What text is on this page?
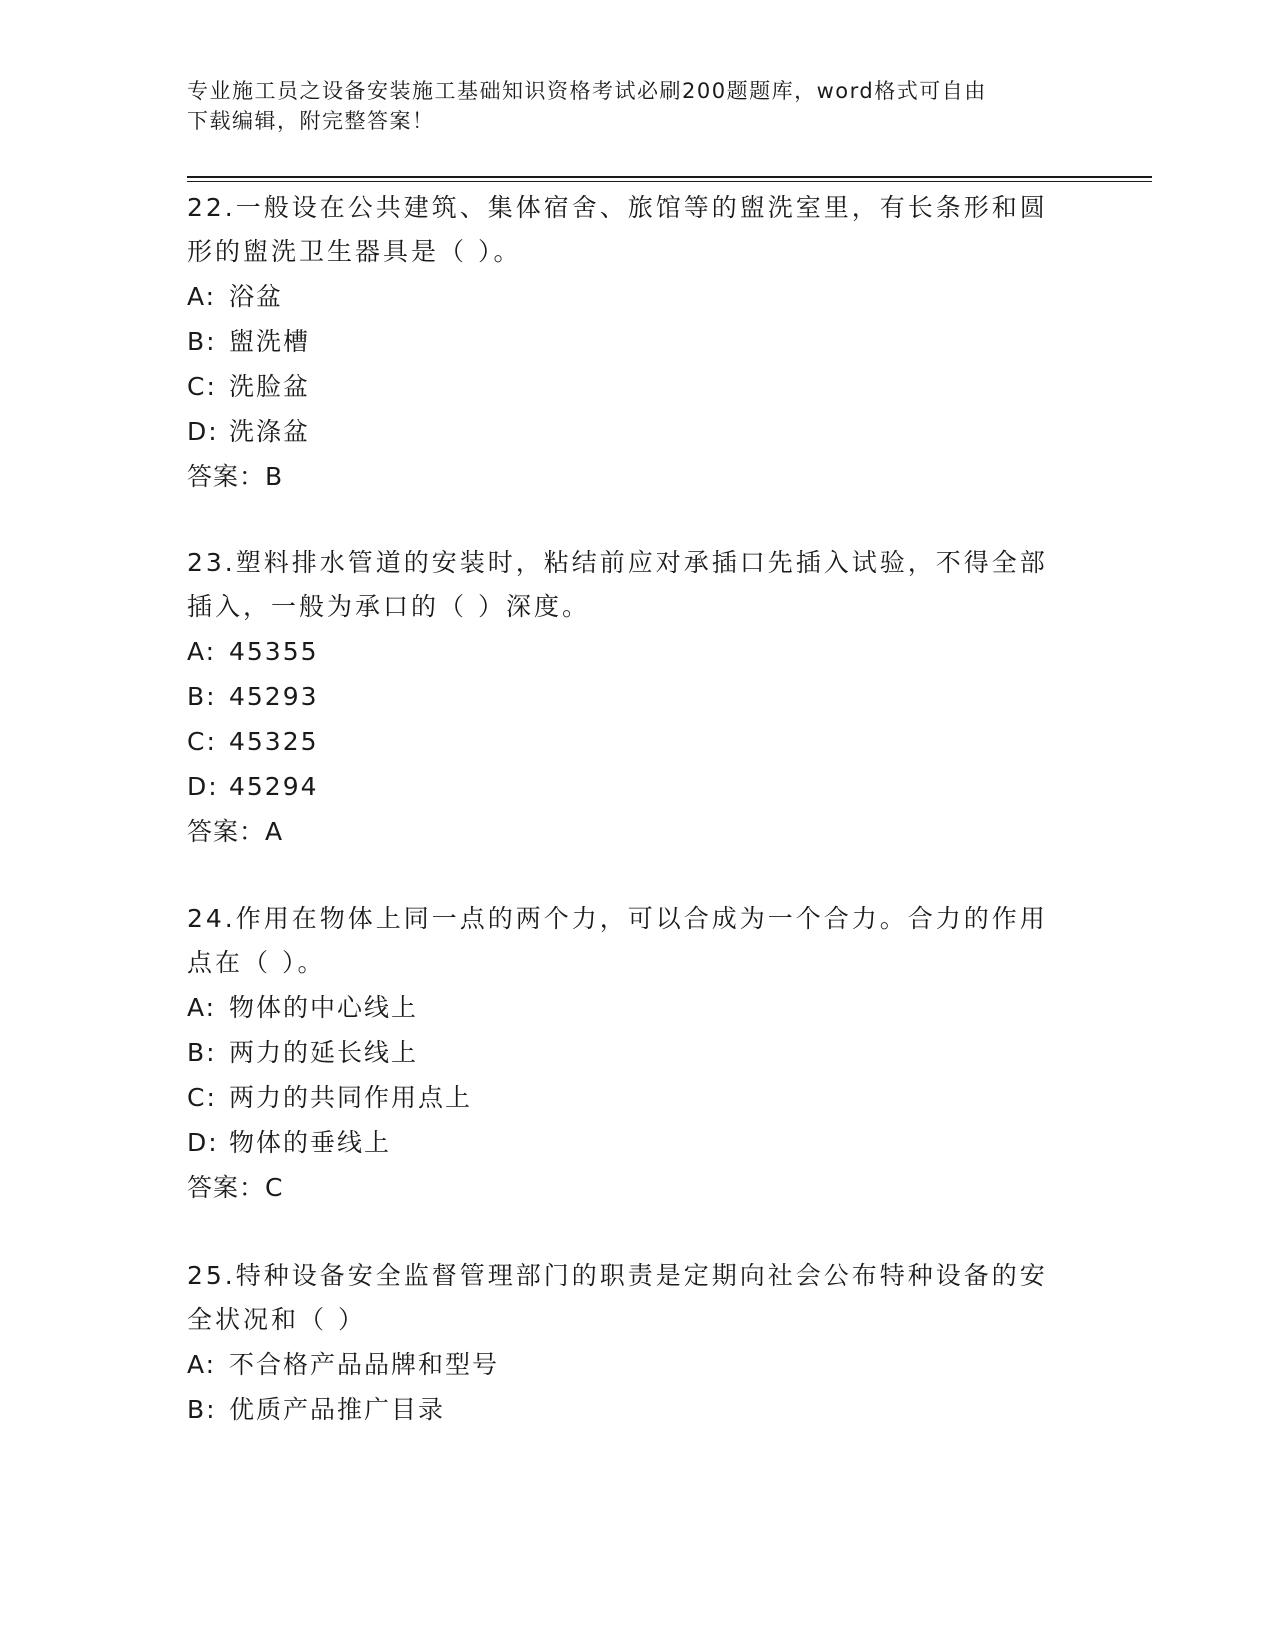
专业施工员之设备安装施工基础知识资格考试必刷200题题库，word格式可自由
下载编辑，附完整答案！
22.一般设在公共建筑、集体宿舍、旅馆等的盥洗室里，有长条形和圆
形的盥洗卫生器具是（ ）。
A: 浴盆
B: 盥洗槽
C: 洗脸盆
D: 洗涤盆
答案：B
23.塑料排水管道的安装时，粘结前应对承插口先插入试验，不得全部
插入，一般为承口的（ ）深度。
A: 45355
B: 45293
C: 45325
D: 45294
答案：A
24.作用在物体上同一点的两个力，可以合成为一个合力。合力的作用
点在（ ）。
A: 物体的中心线上
B: 两力的延长线上
C: 两力的共同作用点上
D: 物体的垂线上
答案：C
25.特种设备安全监督管理部门的职责是定期向社会公布特种设备的安
全状况和（ ）
A: 不合格产品品牌和型号
B: 优质产品推广目录
